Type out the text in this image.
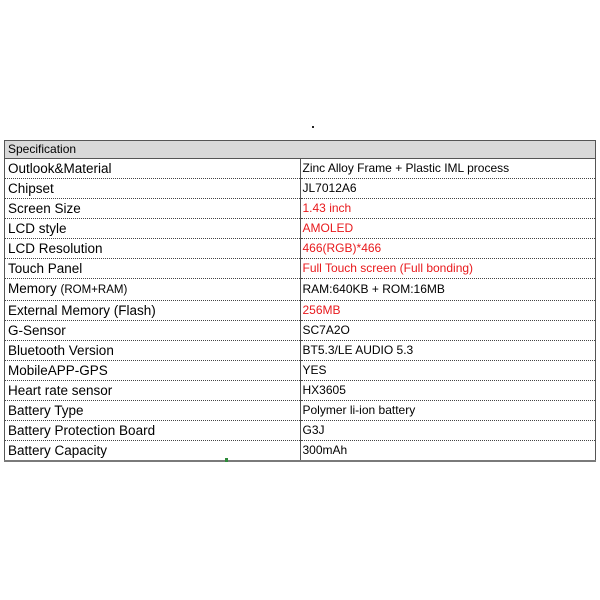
Specification	
Outlook&Material	Zinc Alloy Frame + Plastic IML process
Chipset	JL7012A6
Screen Size	1.43 inch
LCD style	AMOLED
LCD Resolution	466(RGB)*466
Touch Panel	Full Touch screen (Full bonding)
Memory (ROM+RAM)	RAM:640KB + ROM:16MB
External Memory (Flash)	256MB
G-Sensor	SC7A2O
Bluetooth Version	BT5.3/LE AUDIO 5.3
MobileAPP-GPS	YES
Heart rate sensor	HX3605
Battery Type	Polymer li-ion battery
Battery Protection Board	G3J
Battery Capacity	300mAh
